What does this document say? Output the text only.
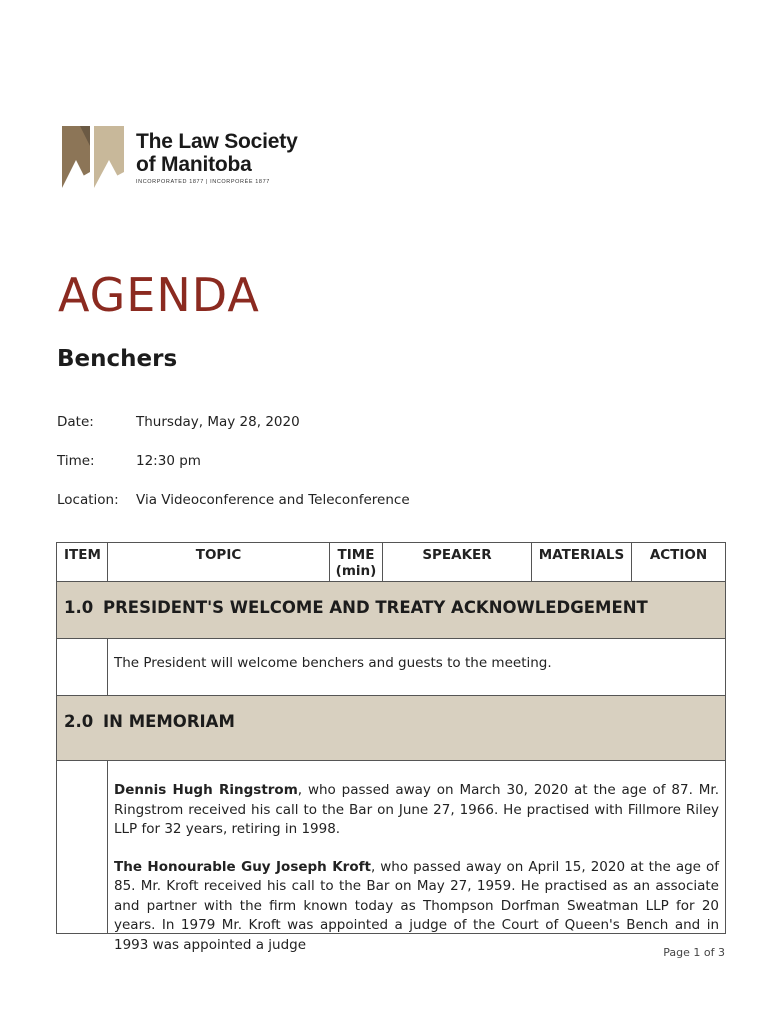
The Law Society
of Manitoba
INCORPORATED 1877 | INCORPORÉE 1877
AGENDA
Benchers
Date:	Thursday, May 28, 2020
Time:	12:30 pm
Location: Via Videoconference and Teleconference
ITEM	TOPIC	TIME (min)	SPEAKER	MATERIALS	ACTION

1.0 PRESIDENT'S WELCOME AND TREATY ACKNOWLEDGEMENT					

	The President will welcome benchers and guests to the meeting.				

2.0 IN MEMORIAM					

	Dennis Hugh Ringstrom, who passed away on March 30, 2020 at the age of 87. Mr. Ringstrom received his call to the Bar on June 27, 1966. He practised with Fillmore Riley LLP for 32 years, retiring in 1998.

The Honourable Guy Joseph Kroft, who passed away on April 15, 2020 at the age of 85. Mr. Kroft received his call to the Bar on May 27, 1959. He practised as an associate and partner with the firm known today as Thompson Dorfman Sweatman LLP for 20 years. In 1979 Mr. Kroft was appointed a judge of the Court of Queen's Bench and in 1993 was appointed a judge					Page 1 of 3
